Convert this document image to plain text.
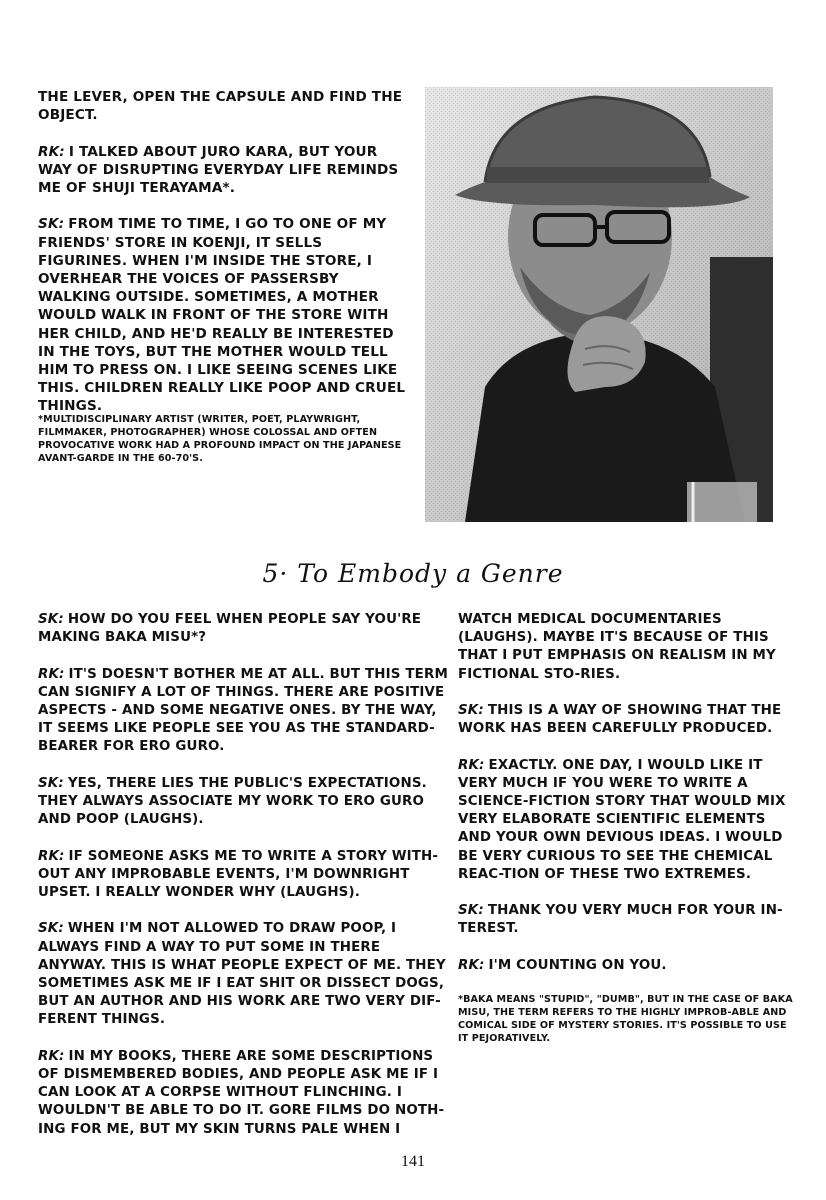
THE LEVER, OPEN THE CAPSULE AND FIND THE OBJECT.

RK: I TALKED ABOUT JURO KARA, BUT YOUR WAY OF DISRUPTING EVERYDAY LIFE REMINDS ME OF SHUJI TERAYAMA*.

SK: FROM TIME TO TIME, I GO TO ONE OF MY FRIENDS' STORE IN KOENJI, IT SELLS FIGURINES. WHEN I'M INSIDE THE STORE, I OVERHEAR THE VOICES OF PASSERSBY WALKING OUTSIDE. SOMETIMES, A MOTHER WOULD WALK IN FRONT OF THE STORE WITH HER CHILD, AND HE'D REALLY BE INTERESTED IN THE TOYS, BUT THE MOTHER WOULD TELL HIM TO PRESS ON. I LIKE SEEING SCENES LIKE THIS. CHILDREN REALLY LIKE POOP AND CRUEL THINGS.

*MULTIDISCIPLINARY ARTIST (WRITER, POET, PLAYWRIGHT, FILMMAKER, PHOTOGRAPHER) WHOSE COLOSSAL AND OFTEN PROVOCATIVE WORK HAD A PROFOUND IMPACT ON THE JAPANESE AVANT-GARDE IN THE 60-70'S.
5· To Embody a Genre

SK: HOW DO YOU FEEL WHEN PEOPLE SAY YOU'RE MAKING BAKA MISU*?

RK: IT'S DOESN'T BOTHER ME AT ALL. BUT THIS TERM CAN SIGNIFY A LOT OF THINGS. THERE ARE POSITIVE ASPECTS - AND SOME NEGATIVE ONES. BY THE WAY, IT SEEMS LIKE PEOPLE SEE YOU AS THE STANDARD-BEARER FOR ERO GURO.

SK: YES, THERE LIES THE PUBLIC'S EXPECTATIONS. THEY ALWAYS ASSOCIATE MY WORK TO ERO GURO AND POOP (LAUGHS).

RK: IF SOMEONE ASKS ME TO WRITE A STORY WITH-OUT ANY IMPROBABLE EVENTS, I'M DOWNRIGHT UPSET. I REALLY WONDER WHY (LAUGHS).

SK: WHEN I'M NOT ALLOWED TO DRAW POOP, I ALWAYS FIND A WAY TO PUT SOME IN THERE ANYWAY. THIS IS WHAT PEOPLE EXPECT OF ME. THEY SOMETIMES ASK ME IF I EAT SHIT OR DISSECT DOGS, BUT AN AUTHOR AND HIS WORK ARE TWO VERY DIF-FERENT THINGS.

RK: IN MY BOOKS, THERE ARE SOME DESCRIPTIONS OF DISMEMBERED BODIES, AND PEOPLE ASK ME IF I CAN LOOK AT A CORPSE WITHOUT FLINCHING. I WOULDN'T BE ABLE TO DO IT. GORE FILMS DO NOTH-ING FOR ME, BUT MY SKIN TURNS PALE WHEN I

WATCH MEDICAL DOCUMENTARIES (LAUGHS). MAYBE IT'S BECAUSE OF THIS THAT I PUT EMPHASIS ON REALISM IN MY FICTIONAL STO-RIES.

SK: THIS IS A WAY OF SHOWING THAT THE WORK HAS BEEN CAREFULLY PRODUCED.

RK: EXACTLY. ONE DAY, I WOULD LIKE IT VERY MUCH IF YOU WERE TO WRITE A SCIENCE-FICTION STORY THAT WOULD MIX VERY ELABORATE SCIENTIFIC ELEMENTS AND YOUR OWN DEVIOUS IDEAS. I WOULD BE VERY CURIOUS TO SEE THE CHEMICAL REAC-TION OF THESE TWO EXTREMES.

SK: THANK YOU VERY MUCH FOR YOUR IN-TEREST.

RK: I'M COUNTING ON YOU.

*BAKA MEANS "STUPID", "DUMB", BUT IN THE CASE OF BAKA MISU, THE TERM REFERS TO THE HIGHLY IMPROB-ABLE AND COMICAL SIDE OF MYSTERY STORIES. IT'S POSSIBLE TO USE IT PEJORATIVELY.
141
